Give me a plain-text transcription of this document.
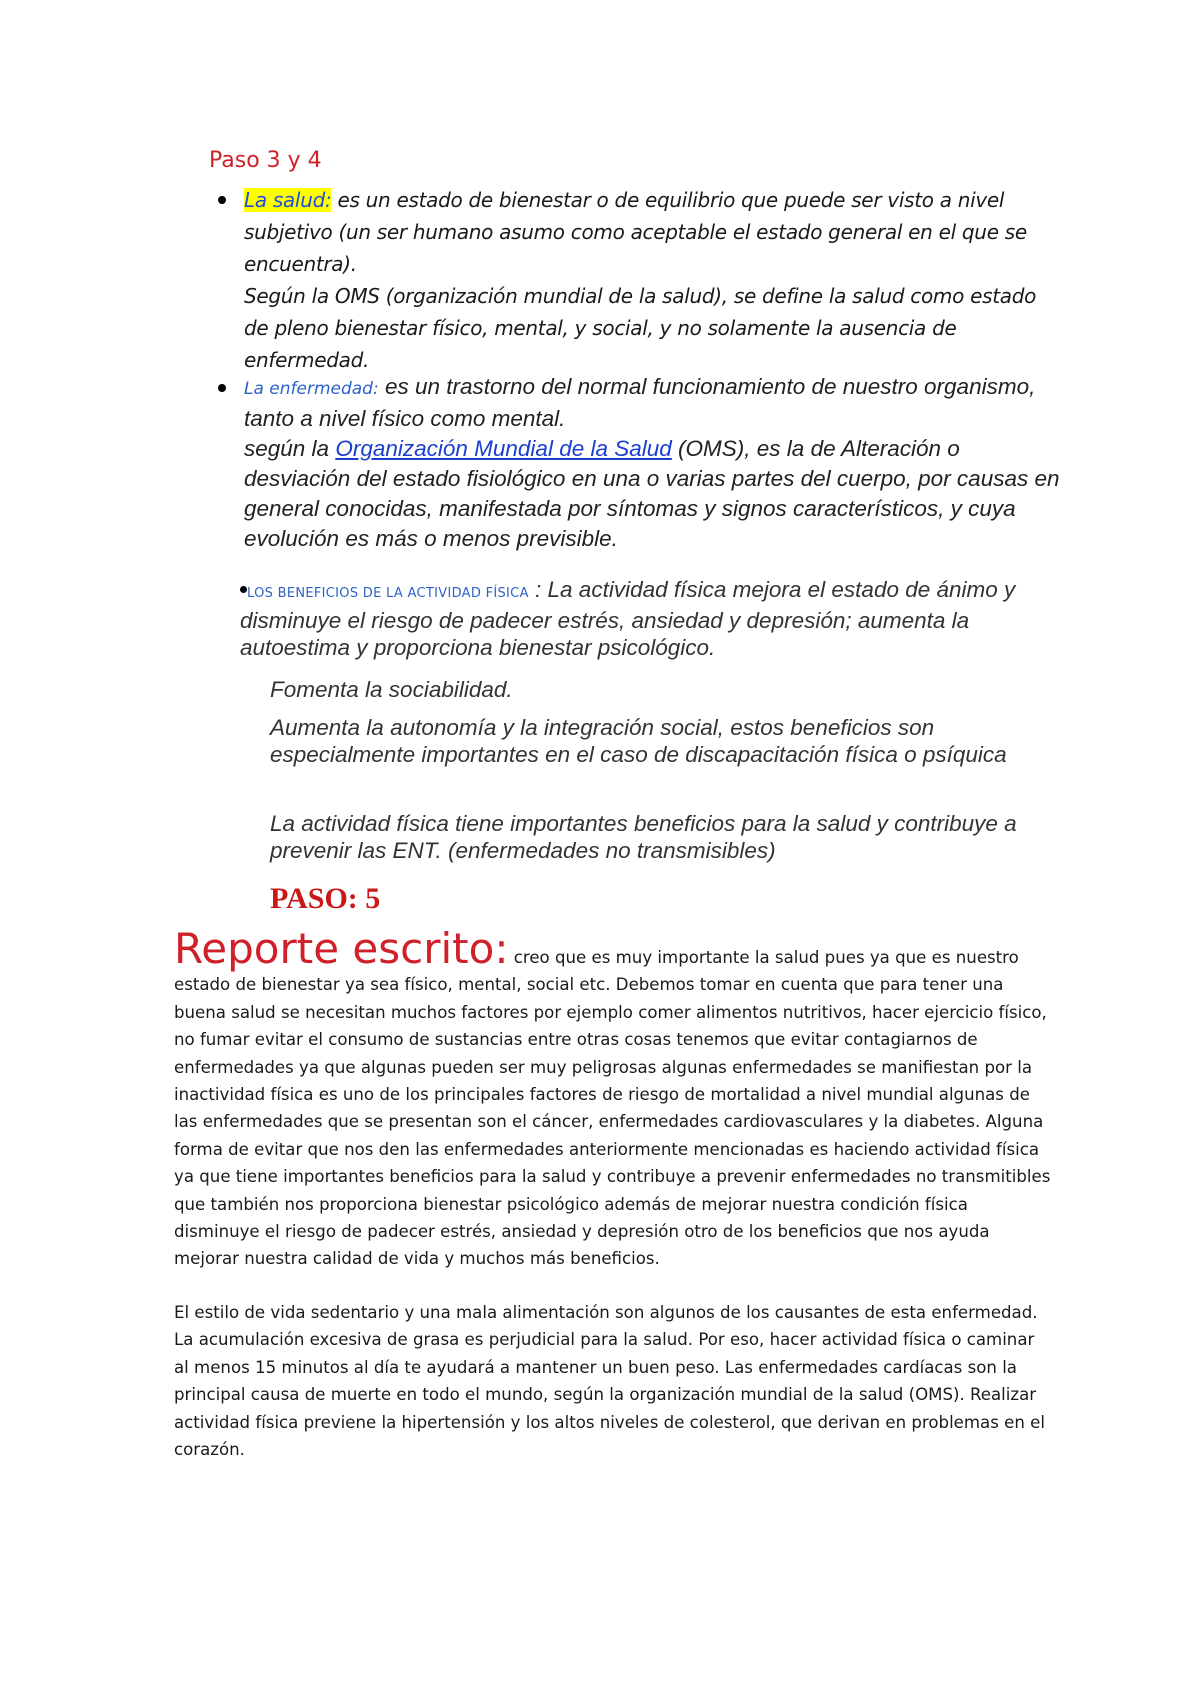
Paso 3 y 4
La salud: es un estado de bienestar o de equilibrio que puede ser visto a nivel subjetivo (un ser humano asumo como aceptable el estado general en el que se encuentra).
Según la OMS (organización mundial de la salud), se define la salud como estado de pleno bienestar físico, mental, y social, y no solamente la ausencia de enfermedad.
La enfermedad: es un trastorno del normal funcionamiento de nuestro organismo, tanto a nivel físico como mental.
según la Organización Mundial de la Salud (OMS), es la de Alteración o desviación del estado fisiológico en una o varias partes del cuerpo, por causas en general conocidas, manifestada por síntomas y signos característicos, y cuya evolución es más o menos previsible.
LOS BENEFICIOS DE LA ACTIVIDAD FÍSICA : La actividad física mejora el estado de ánimo y disminuye el riesgo de padecer estrés, ansiedad y depresión; aumenta la autoestima y proporciona bienestar psicológico.

Fomenta la sociabilidad.

Aumenta la autonomía y la integración social, estos beneficios son especialmente importantes en el caso de discapacitación física o psíquica

La actividad física tiene importantes beneficios para la salud y contribuye a prevenir las ENT. (enfermedades no transmisibles)

PASO: 5

Reporte escrito: creo que es muy importante la salud pues ya que es nuestro estado de bienestar ya sea físico, mental, social etc. Debemos tomar en cuenta que para tener una buena salud se necesitan muchos factores por ejemplo comer alimentos nutritivos, hacer ejercicio físico, no fumar evitar el consumo de sustancias entre otras cosas tenemos que evitar contagiarnos de enfermedades ya que algunas pueden ser muy peligrosas algunas enfermedades se manifiestan por la inactividad física es uno de los principales factores de riesgo de mortalidad a nivel mundial algunas de las enfermedades que se presentan son el cáncer, enfermedades cardiovasculares y la diabetes. Alguna forma de evitar que nos den las enfermedades anteriormente mencionadas es haciendo actividad física ya que tiene importantes beneficios para la salud y contribuye a prevenir enfermedades no transmitibles que también nos proporciona bienestar psicológico además de mejorar nuestra condición física disminuye el riesgo de padecer estrés, ansiedad y depresión otro de los beneficios que nos ayuda mejorar nuestra calidad de vida y muchos más beneficios.

El estilo de vida sedentario y una mala alimentación son algunos de los causantes de esta enfermedad. La acumulación excesiva de grasa es perjudicial para la salud. Por eso, hacer actividad física o caminar al menos 15 minutos al día te ayudará a mantener un buen peso. Las enfermedades cardíacas son la principal causa de muerte en todo el mundo, según la organización mundial de la salud (OMS). Realizar actividad física previene la hipertensión y los altos niveles de colesterol, que derivan en problemas en el corazón.
